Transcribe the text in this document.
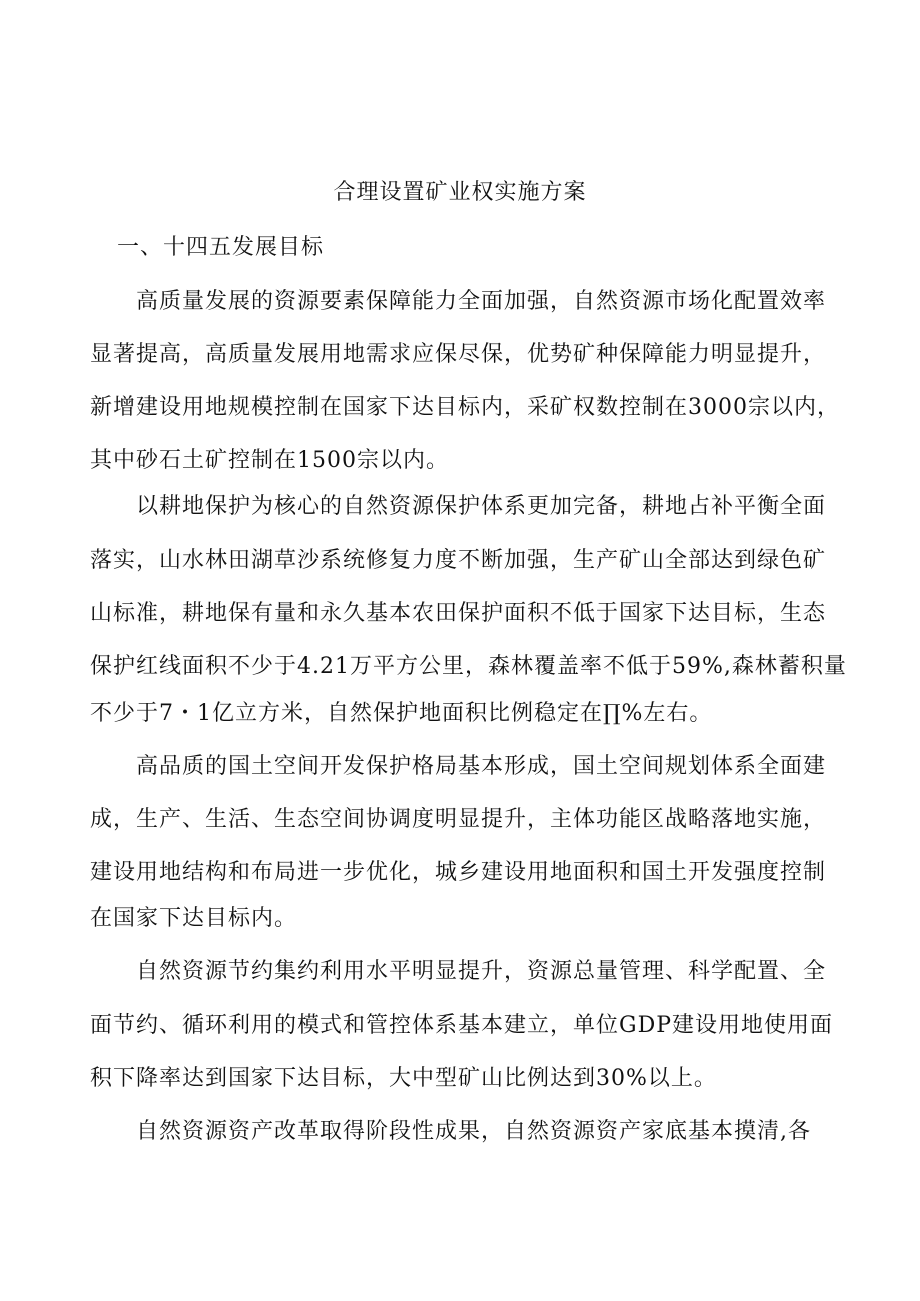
合理设置矿业权实施方案
一、十四五发展目标
高质量发展的资源要素保障能力全面加强，自然资源市场化配置效率
显著提高，高质量发展用地需求应保尽保，优势矿种保障能力明显提升，
新增建设用地规模控制在国家下达目标内，采矿权数控制在3000宗以内，
其中砂石土矿控制在1500宗以内。
以耕地保护为核心的自然资源保护体系更加完备，耕地占补平衡全面
落实，山水林田湖草沙系统修复力度不断加强，生产矿山全部达到绿色矿
山标准，耕地保有量和永久基本农田保护面积不低于国家下达目标，生态
保护红线面积不少于4.21万平方公里，森林覆盖率不低于59%,森林蓄积量
不少于7・1亿立方米，自然保护地面积比例稳定在∏%左右。
高品质的国土空间开发保护格局基本形成，国土空间规划体系全面建
成，生产、生活、生态空间协调度明显提升，主体功能区战略落地实施，
建设用地结构和布局进一步优化，城乡建设用地面积和国土开发强度控制
在国家下达目标内。
自然资源节约集约利用水平明显提升，资源总量管理、科学配置、全
面节约、循环利用的模式和管控体系基本建立，单位GDP建设用地使用面
积下降率达到国家下达目标，大中型矿山比例达到30%以上。
自然资源资产改革取得阶段性成果，自然资源资产家底基本摸清,各
